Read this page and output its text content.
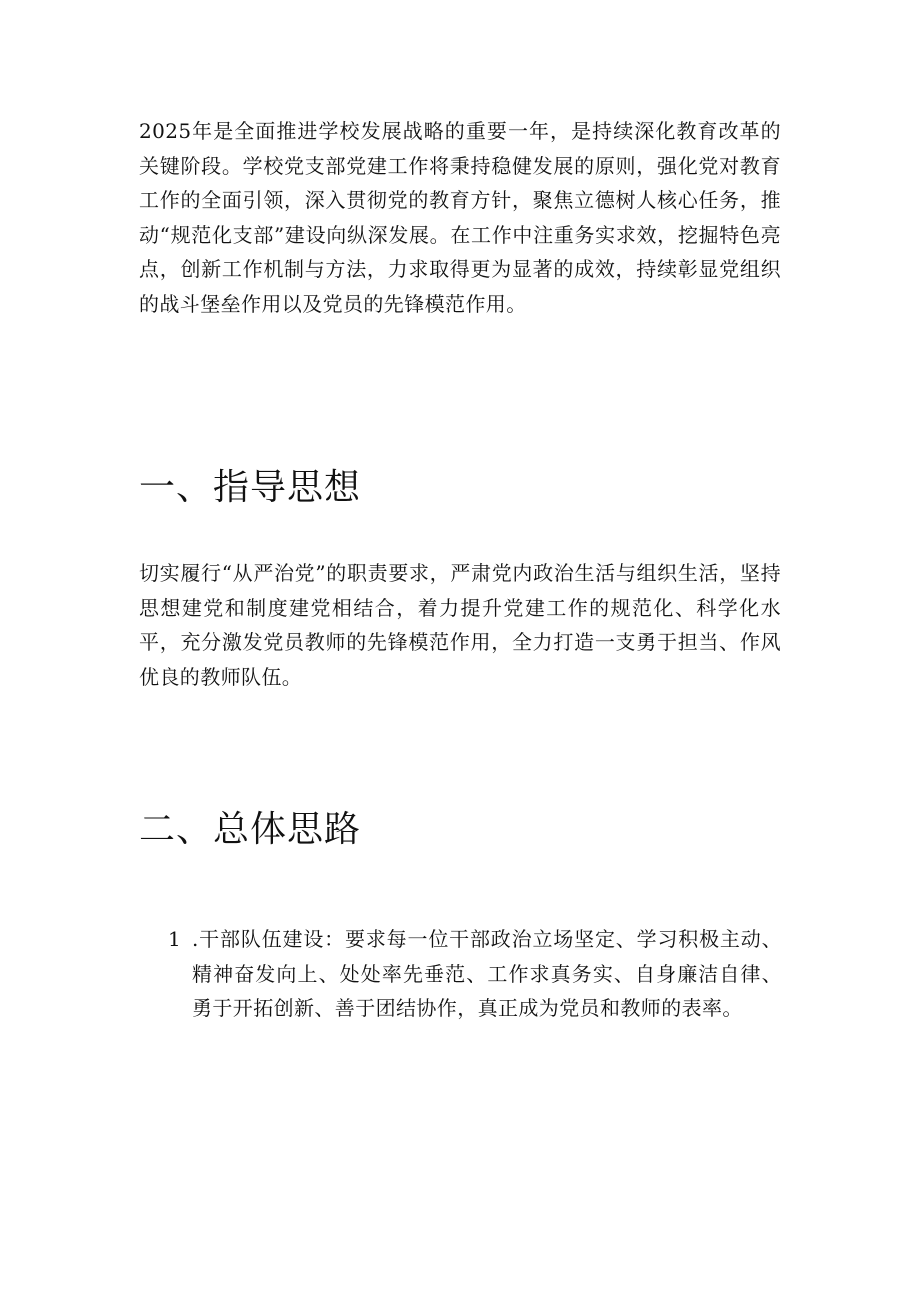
2025年是全面推进学校发展战略的重要一年，是持续深化教育改革的关键阶段。学校党支部党建工作将秉持稳健发展的原则，强化党对教育工作的全面引领，深入贯彻党的教育方针，聚焦立德树人核心任务，推动“规范化支部”建设向纵深发展。在工作中注重务实求效，挖掘特色亮点，创新工作机制与方法，力求取得更为显著的成效，持续彰显党组织的战斗堡垒作用以及党员的先锋模范作用。

一、指导思想

切实履行“从严治党”的职责要求，严肃党内政治生活与组织生活，坚持思想建党和制度建党相结合，着力提升党建工作的规范化、科学化水平，充分激发党员教师的先锋模范作用，全力打造一支勇于担当、作风优良的教师队伍。

二、总体思路
1 .干部队伍建设：要求每一位干部政治立场坚定、学习积极主动、精神奋发向上、处处率先垂范、工作求真务实、自身廉洁自律、勇于开拓创新、善于团结协作，真正成为党员和教师的表率。
